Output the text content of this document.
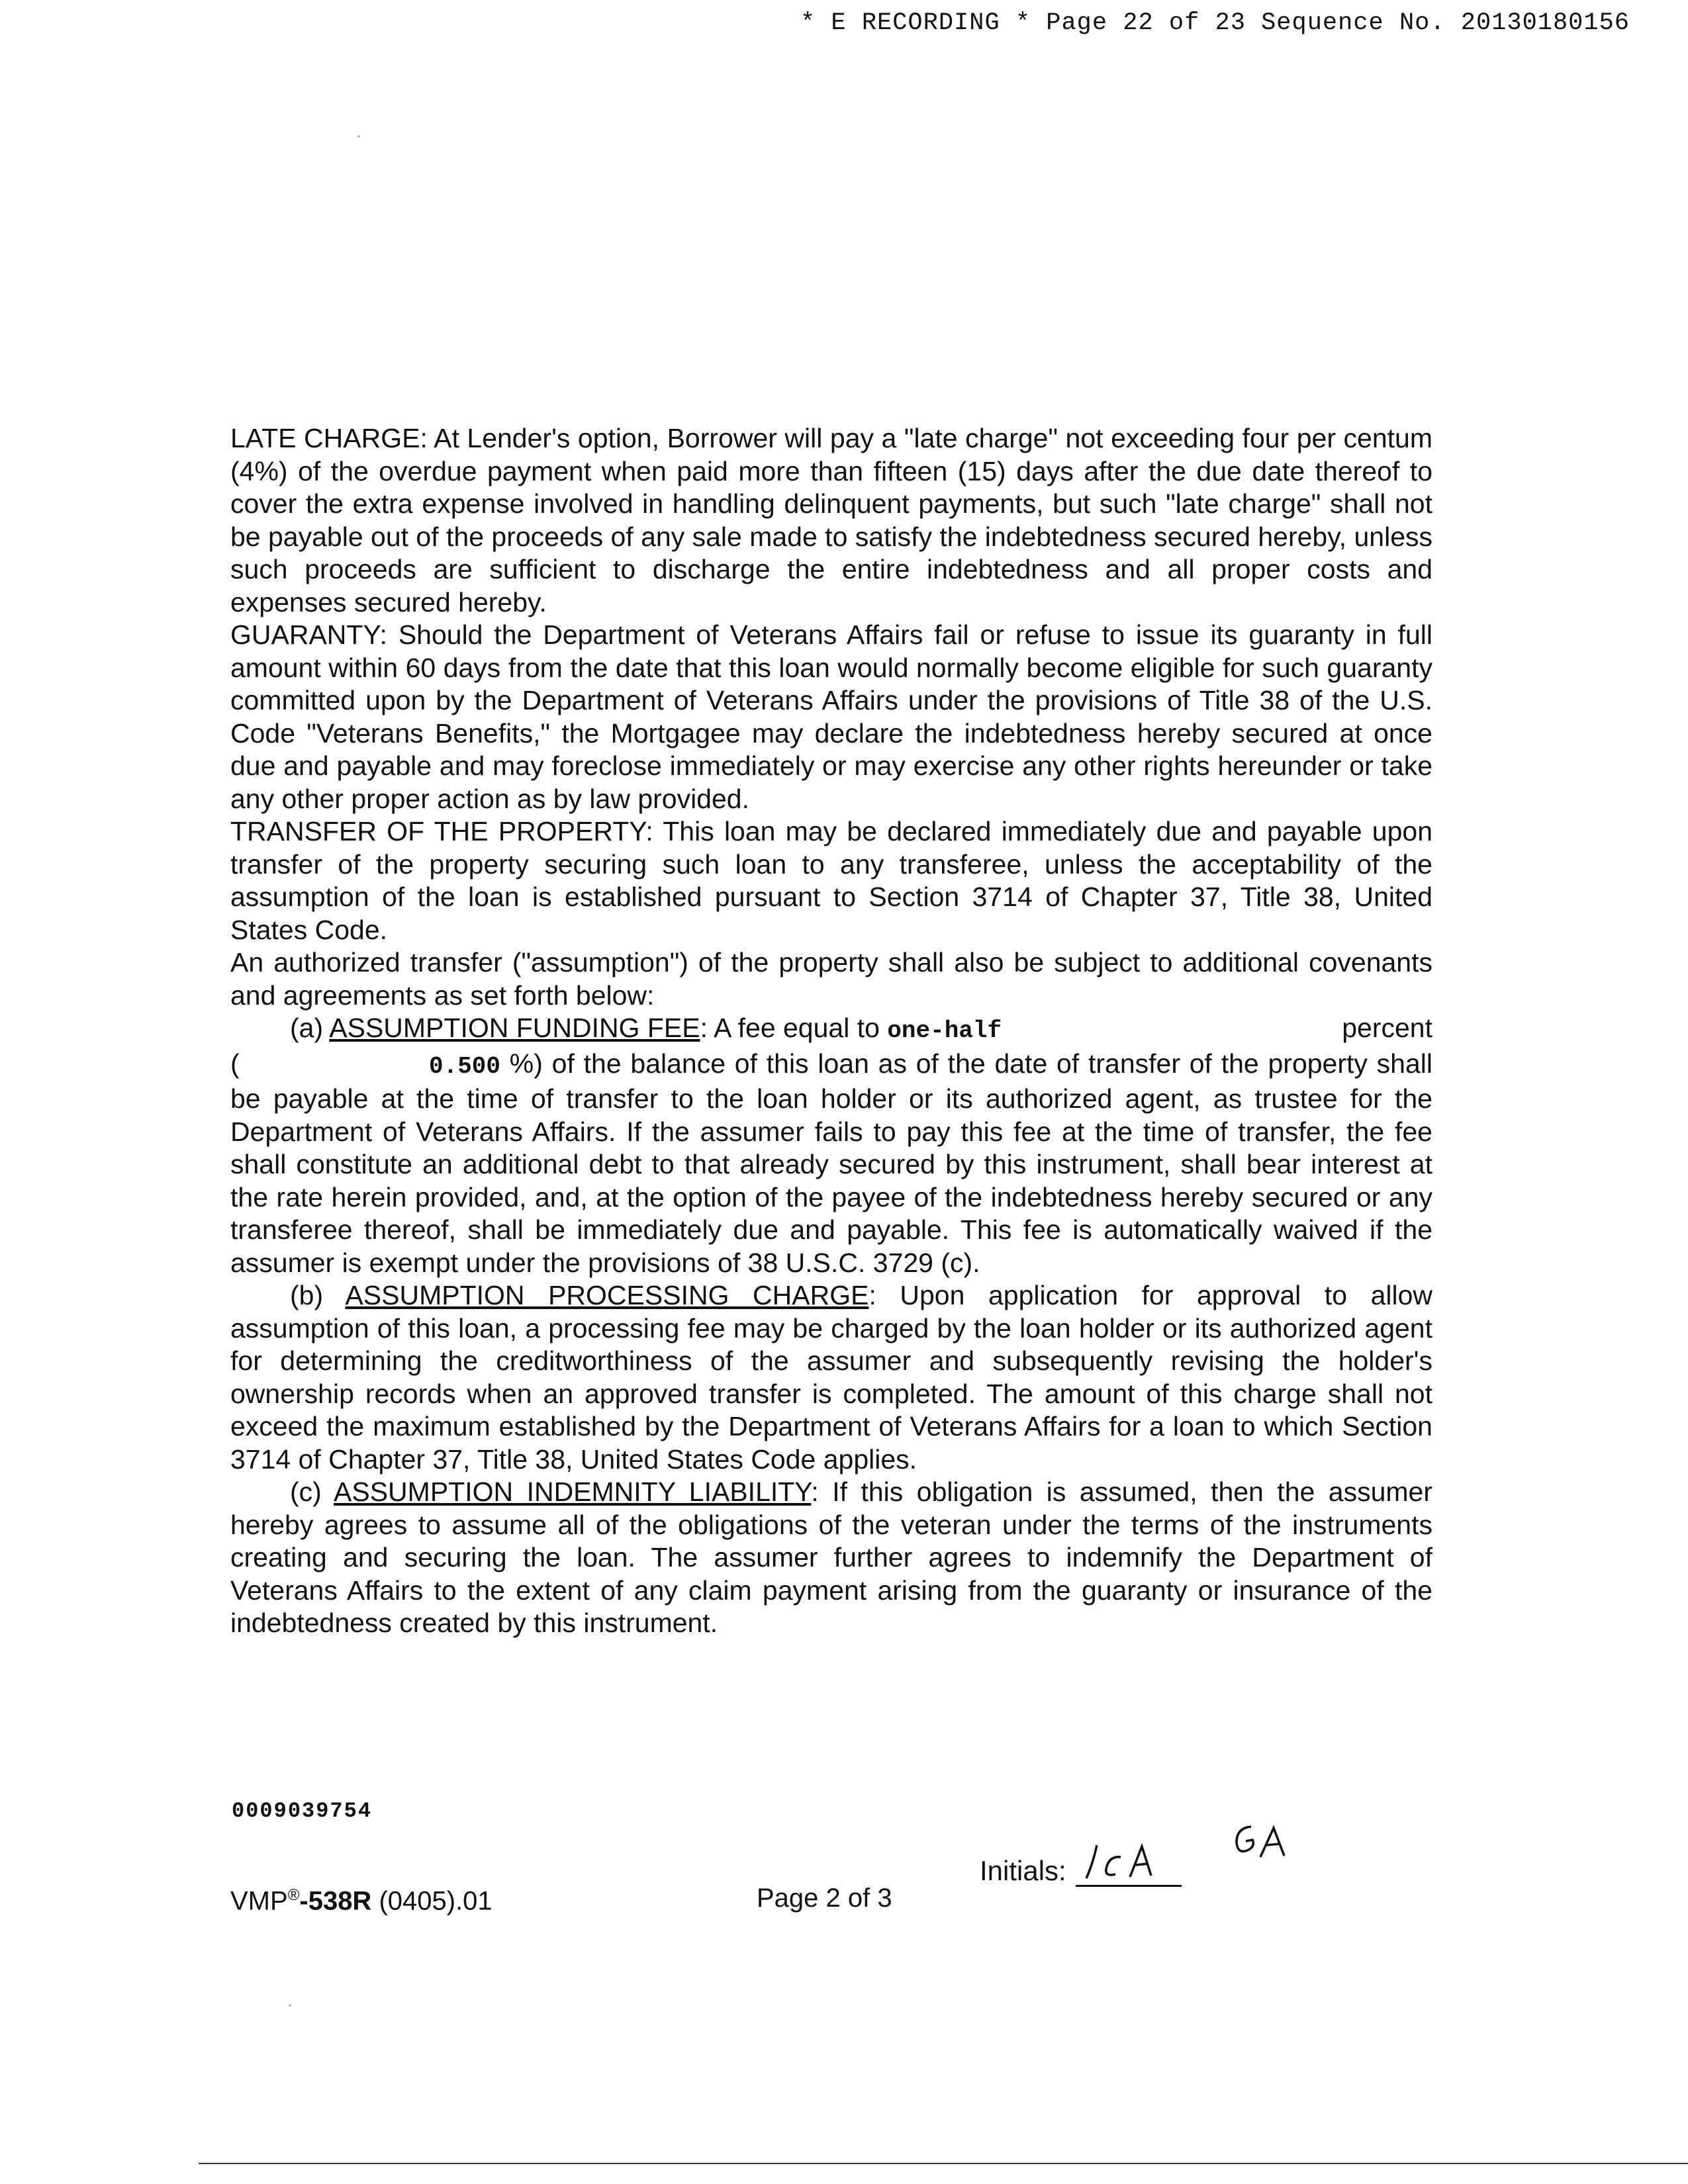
* E RECORDING * Page 22 of 23 Sequence No. 20130180156

LATE CHARGE: At Lender's option, Borrower will pay a "late charge" not exceeding four per centum (4%) of the overdue payment when paid more than fifteen (15) days after the due date thereof to cover the extra expense involved in handling delinquent payments, but such "late charge" shall not be payable out of the proceeds of any sale made to satisfy the indebtedness secured hereby, unless such proceeds are sufficient to discharge the entire indebtedness and all proper costs and expenses secured hereby.

GUARANTY: Should the Department of Veterans Affairs fail or refuse to issue its guaranty in full amount within 60 days from the date that this loan would normally become eligible for such guaranty committed upon by the Department of Veterans Affairs under the provisions of Title 38 of the U.S. Code "Veterans Benefits," the Mortgagee may declare the indebtedness hereby secured at once due and payable and may foreclose immediately or may exercise any other rights hereunder or take any other proper action as by law provided.

TRANSFER OF THE PROPERTY: This loan may be declared immediately due and payable upon transfer of the property securing such loan to any transferee, unless the acceptability of the assumption of the loan is established pursuant to Section 3714 of Chapter 37, Title 38, United States Code.

An authorized transfer ("assumption") of the property shall also be subject to additional covenants and agreements as set forth below:

(a) ASSUMPTION FUNDING FEE: A fee equal to one-half	percent

(	0.500 %) of the balance of this loan as of the date of transfer of the property shall be payable at the time of transfer to the loan holder or its authorized agent, as trustee for the Department of Veterans Affairs. If the assumer fails to pay this fee at the time of transfer, the fee shall constitute an additional debt to that already secured by this instrument, shall bear interest at the rate herein provided, and, at the option of the payee of the indebtedness hereby secured or any transferee thereof, shall be immediately due and payable. This fee is automatically waived if the assumer is exempt under the provisions of 38 U.S.C. 3729 (c).

(b) ASSUMPTION PROCESSING CHARGE: Upon application for approval to allow assumption of this loan, a processing fee may be charged by the loan holder or its authorized agent for determining the creditworthiness of the assumer and subsequently revising the holder's ownership records when an approved transfer is completed. The amount of this charge shall not exceed the maximum established by the Department of Veterans Affairs for a loan to which Section 3714 of Chapter 37, Title 38, United States Code applies.

(c) ASSUMPTION INDEMNITY LIABILITY: If this obligation is assumed, then the assumer hereby agrees to assume all of the obligations of the veteran under the terms of the instruments creating and securing the loan. The assumer further agrees to indemnify the Department of Veterans Affairs to the extent of any claim payment arising from the guaranty or insurance of the indebtedness created by this instrument.

0009039754
Initials:
VMP®-538R (0405).01	Page 2 of 3
